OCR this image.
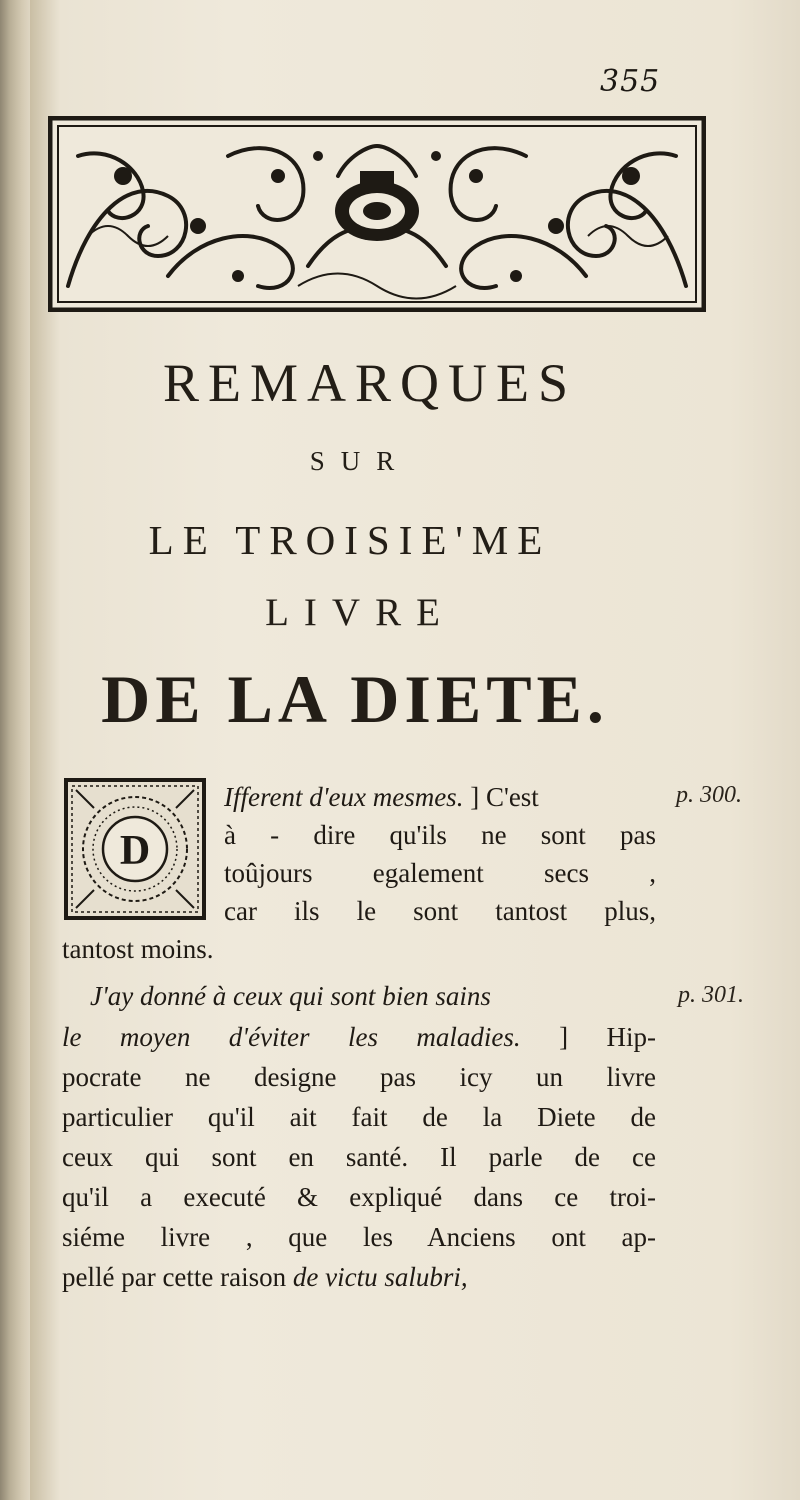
355
REMARQUES
SUR
LE TROISIE'ME
LIVRE
DE LA DIETE.
D
Ifferent d'eux mesmes. ] C'est
à - dire qu'ils ne sont pas
toûjours egalement secs ,
car ils le sont tantost plus,
tantost moins.
J'ay donné à ceux qui sont bien sains
le moyen d'éviter les maladies. ] Hip-
pocrate ne designe pas icy un livre
particulier qu'il ait fait de la Diete de
ceux qui sont en santé. Il parle de ce
qu'il a executé & expliqué dans ce troi-
siéme livre , que les Anciens ont ap-
pellé par cette raison de victu salubri,
p. 300.
p. 301.
